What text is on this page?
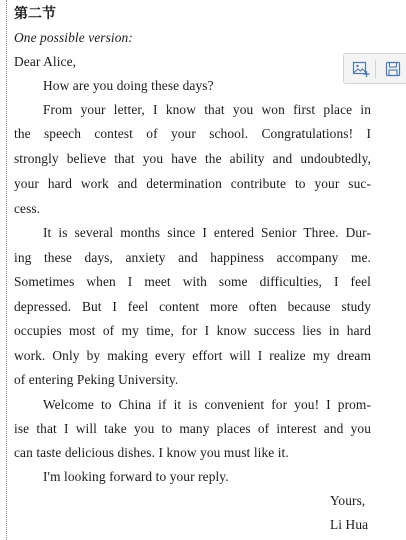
第二节
One possible version:
Dear Alice,
How are you doing these days?
From your letter, I know that you won first place in
the speech contest of your school. Congratulations! I
strongly believe that you have the ability and undoubtedly,
your hard work and determination contribute to your suc-
cess.
It is several months since I entered Senior Three. Dur-
ing these days, anxiety and happiness accompany me.
Sometimes when I meet with some difficulties, I feel
depressed. But I feel content more often because study
occupies most of my time, for I know success lies in hard
work. Only by making every effort will I realize my dream
of entering Peking University.
Welcome to China if it is convenient for you! I prom-
ise that I will take you to many places of interest and you
can taste delicious dishes. I know you must like it.
I'm looking forward to your reply.
Yours,
Li Hua
